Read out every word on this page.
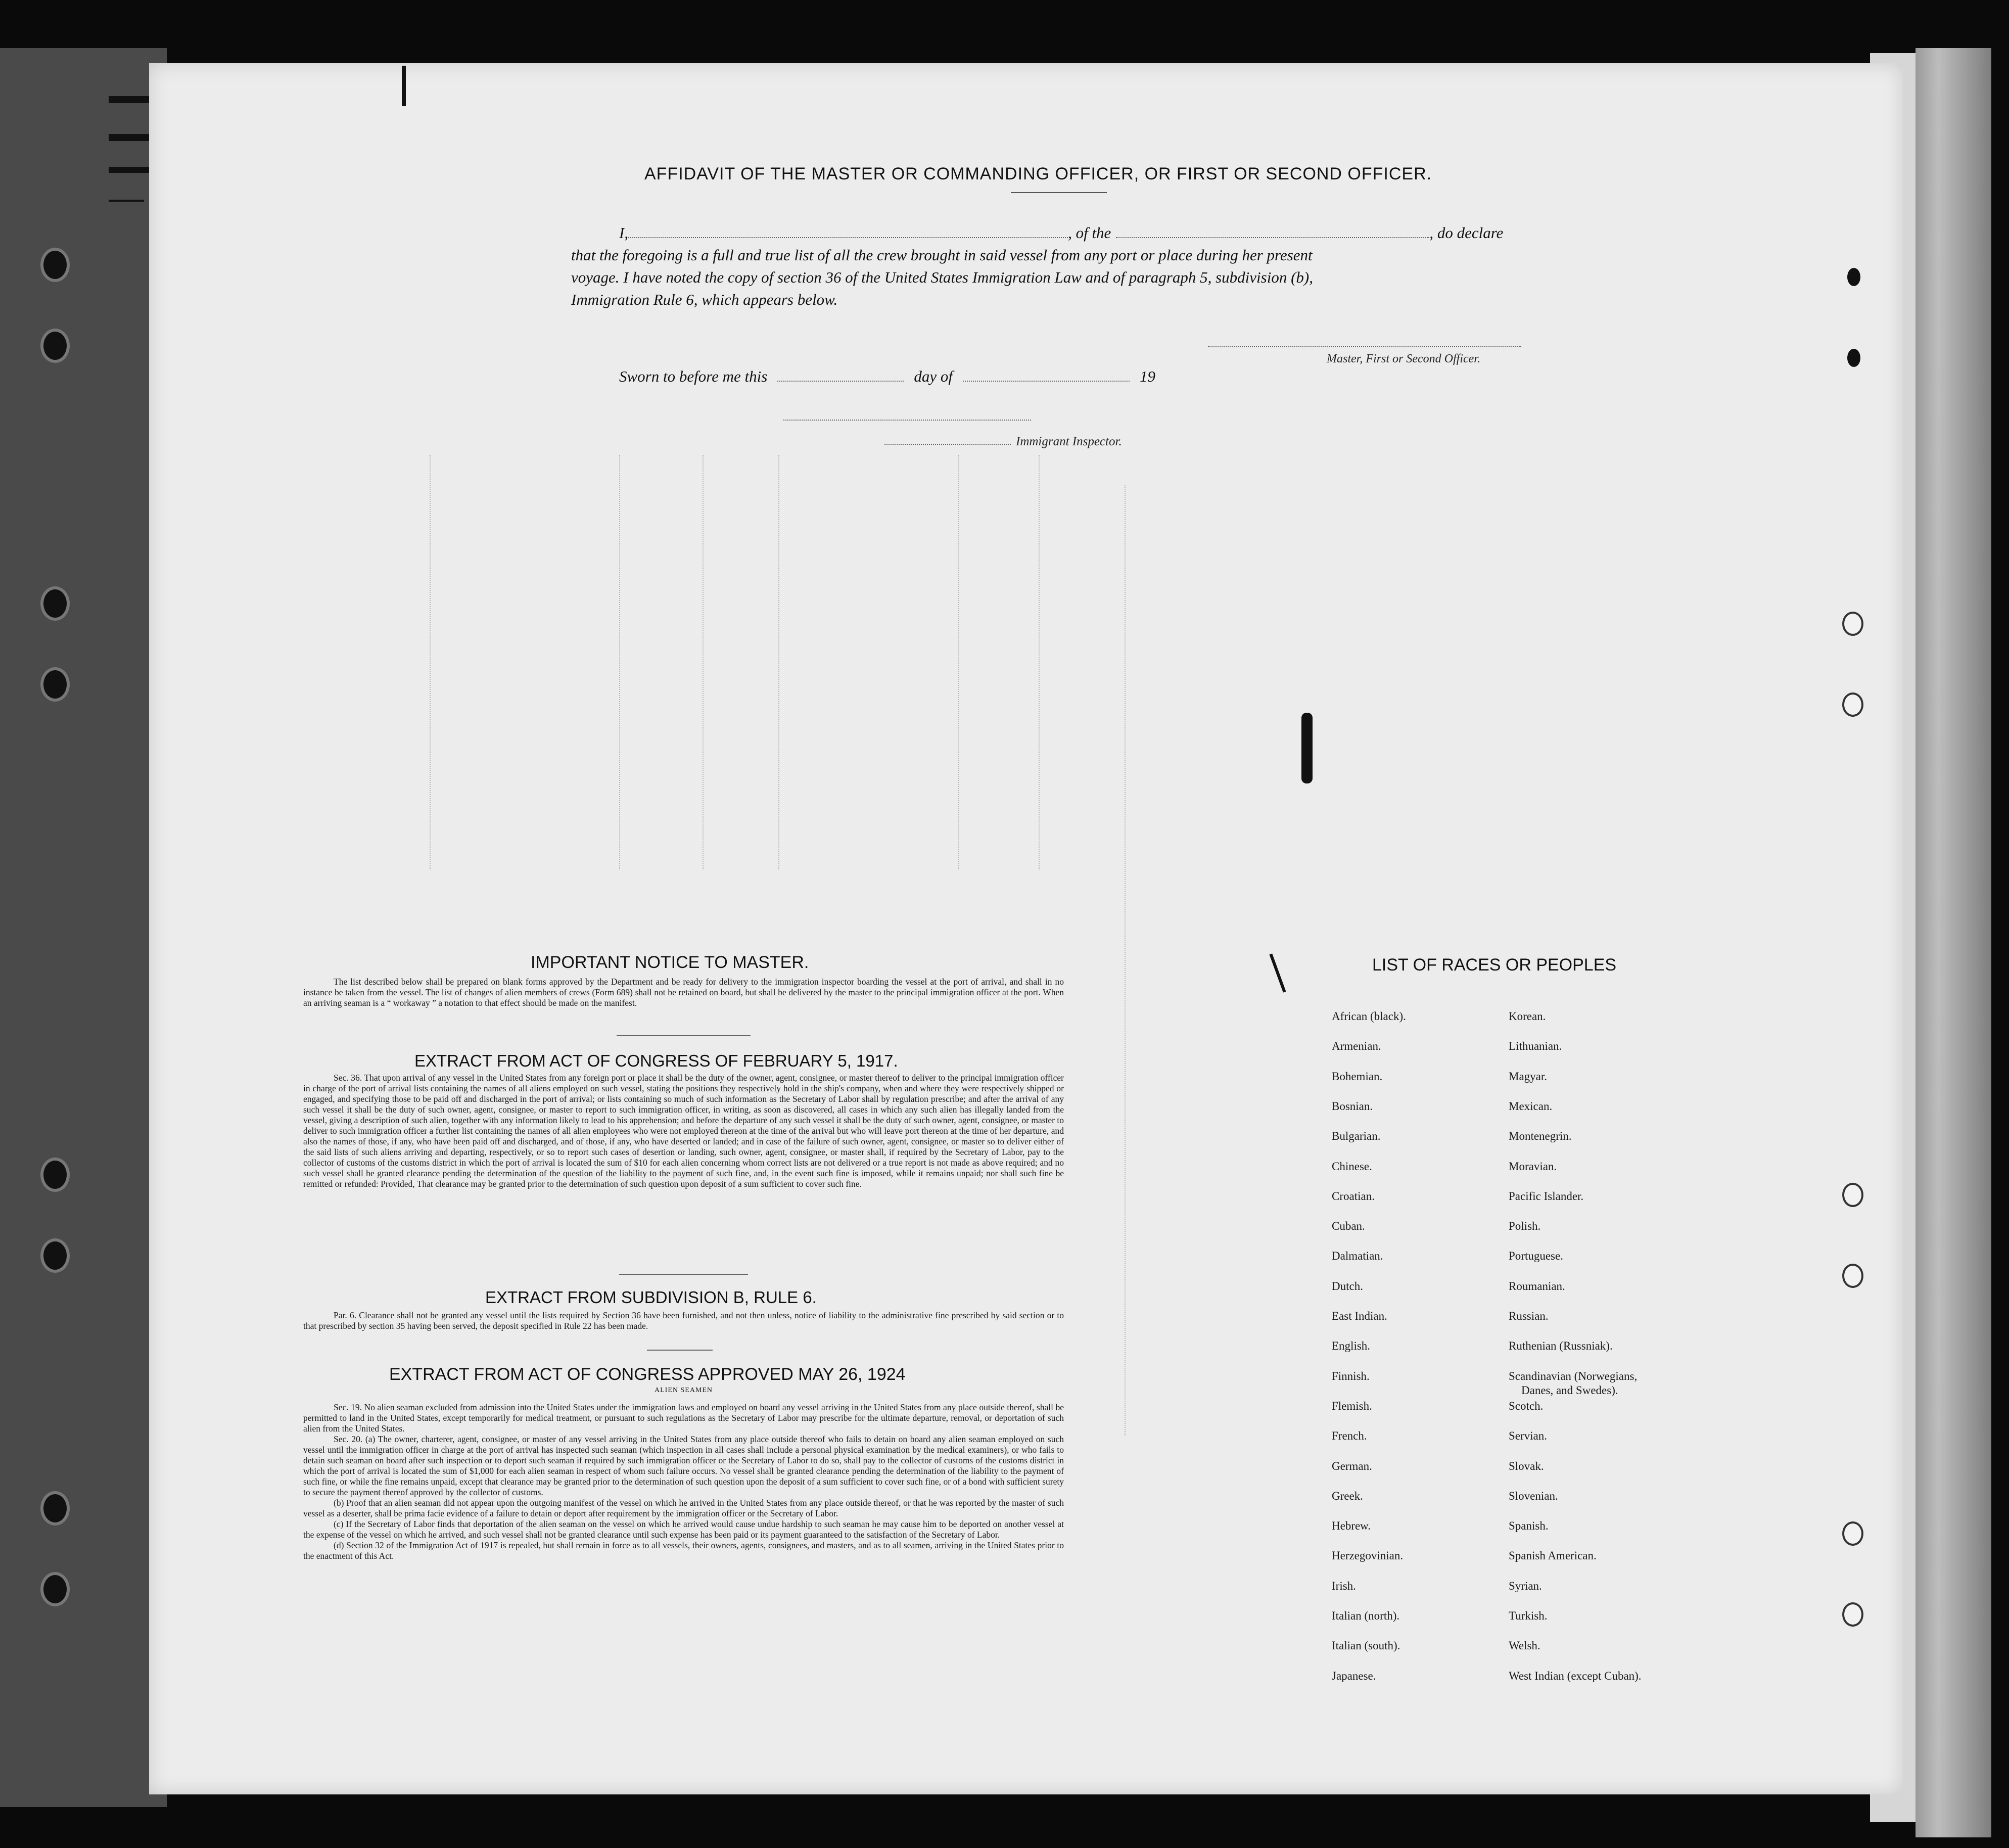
AFFIDAVIT OF THE MASTER OR COMMANDING OFFICER, OR FIRST OR SECOND OFFICER.
I,	, of the	, do declare
that the foregoing is a full and true list of all the crew brought in said vessel from any port or place during her present
voyage. I have noted the copy of section 36 of the United States Immigration Law and of paragraph 5, subdivision (b),
Immigration Rule 6, which appears below.
Master, First or Second Officer.
Sworn to before me this	day of	19
Immigrant Inspector.
IMPORTANT NOTICE TO MASTER.
The list described below shall be prepared on blank forms approved by the Department and be ready for delivery to the immigration inspector boarding the vessel at the port of arrival, and shall in no instance be taken from the vessel. The list of changes of alien members of crews (Form 689) shall not be retained on board, but shall be delivered by the master to the principal immigration officer at the port. When an arriving seaman is a “ workaway ” a notation to that effect should be made on the manifest.
EXTRACT FROM ACT OF CONGRESS OF FEBRUARY 5, 1917.
Sec. 36. That upon arrival of any vessel in the United States from any foreign port or place it shall be the duty of the owner, agent, consignee, or master thereof to deliver to the principal immigration officer in charge of the port of arrival lists containing the names of all aliens employed on such vessel, stating the positions they respectively hold in the ship's company, when and where they were respectively shipped or engaged, and specifying those to be paid off and discharged in the port of arrival; or lists containing so much of such information as the Secretary of Labor shall by regulation prescribe; and after the arrival of any such vessel it shall be the duty of such owner, agent, consignee, or master to report to such immigration officer, in writing, as soon as discovered, all cases in which any such alien has illegally landed from the vessel, giving a description of such alien, together with any information likely to lead to his apprehension; and before the departure of any such vessel it shall be the duty of such owner, agent, consignee, or master to deliver to such immigration officer a further list containing the names of all alien employees who were not employed thereon at the time of the arrival but who will leave port thereon at the time of her departure, and also the names of those, if any, who have been paid off and discharged, and of those, if any, who have deserted or landed; and in case of the failure of such owner, agent, consignee, or master so to deliver either of the said lists of such aliens arriving and departing, respectively, or so to report such cases of desertion or landing, such owner, agent, consignee, or master shall, if required by the Secretary of Labor, pay to the collector of customs of the customs district in which the port of arrival is located the sum of $10 for each alien concerning whom correct lists are not delivered or a true report is not made as above required; and no such vessel shall be granted clearance pending the determination of the question of the liability to the payment of such fine, and, in the event such fine is imposed, while it remains unpaid; nor shall such fine be remitted or refunded: Provided, That clearance may be granted prior to the determination of such question upon deposit of a sum sufficient to cover such fine.
EXTRACT FROM SUBDIVISION B, RULE 6.
Par. 6. Clearance shall not be granted any vessel until the lists required by Section 36 have been furnished, and not then unless, notice of liability to the administrative fine prescribed by said section or to that prescribed by section 35 having been served, the deposit specified in Rule 22 has been made.
EXTRACT FROM ACT OF CONGRESS APPROVED MAY 26, 1924
ALIEN SEAMEN

Sec. 19. No alien seaman excluded from admission into the United States under the immigration laws and employed on board any vessel arriving in the United States from any place outside thereof, shall be permitted to land in the United States, except temporarily for medical treatment, or pursuant to such regulations as the Secretary of Labor may prescribe for the ultimate departure, removal, or deportation of such alien from the United States.

Sec. 20. (a) The owner, charterer, agent, consignee, or master of any vessel arriving in the United States from any place outside thereof who fails to detain on board any alien seaman employed on such vessel until the immigration officer in charge at the port of arrival has inspected such seaman (which inspection in all cases shall include a personal physical examination by the medical examiners), or who fails to detain such seaman on board after such inspection or to deport such seaman if required by such immigration officer or the Secretary of Labor to do so, shall pay to the collector of customs of the customs district in which the port of arrival is located the sum of $1,000 for each alien seaman in respect of whom such failure occurs. No vessel shall be granted clearance pending the determination of the liability to the payment of such fine, or while the fine remains unpaid, except that clearance may be granted prior to the determination of such question upon the deposit of a sum sufficient to cover such fine, or of a bond with sufficient surety to secure the payment thereof approved by the collector of customs.

(b) Proof that an alien seaman did not appear upon the outgoing manifest of the vessel on which he arrived in the United States from any place outside thereof, or that he was reported by the master of such vessel as a deserter, shall be prima facie evidence of a failure to detain or deport after requirement by the immigration officer or the Secretary of Labor.

(c) If the Secretary of Labor finds that deportation of the alien seaman on the vessel on which he arrived would cause undue hardship to such seaman he may cause him to be deported on another vessel at the expense of the vessel on which he arrived, and such vessel shall not be granted clearance until such expense has been paid or its payment guaranteed to the satisfaction of the Secretary of Labor.

(d) Section 32 of the Immigration Act of 1917 is repealed, but shall remain in force as to all vessels, their owners, agents, consignees, and masters, and as to all seamen, arriving in the United States prior to the enactment of this Act.

LIST OF RACES OR PEOPLES
African (black).
Armenian.
Bohemian.
Bosnian.
Bulgarian.
Chinese.
Croatian.
Cuban.
Dalmatian.
Dutch.
East Indian.
English.
Finnish.
Flemish.
French.
German.
Greek.
Hebrew.
Herzegovinian.
Irish.
Italian (north).
Italian (south).
Japanese.
Korean.
Lithuanian.
Magyar.
Mexican.
Montenegrin.
Moravian.
Pacific Islander.
Polish.
Portuguese.
Roumanian.
Russian.
Ruthenian (Russniak).
Scandinavian (Norwegians,
Danes, and Swedes).
Scotch.
Servian.
Slovak.
Slovenian.
Spanish.
Spanish American.
Syrian.
Turkish.
Welsh.
West Indian (except Cuban).
